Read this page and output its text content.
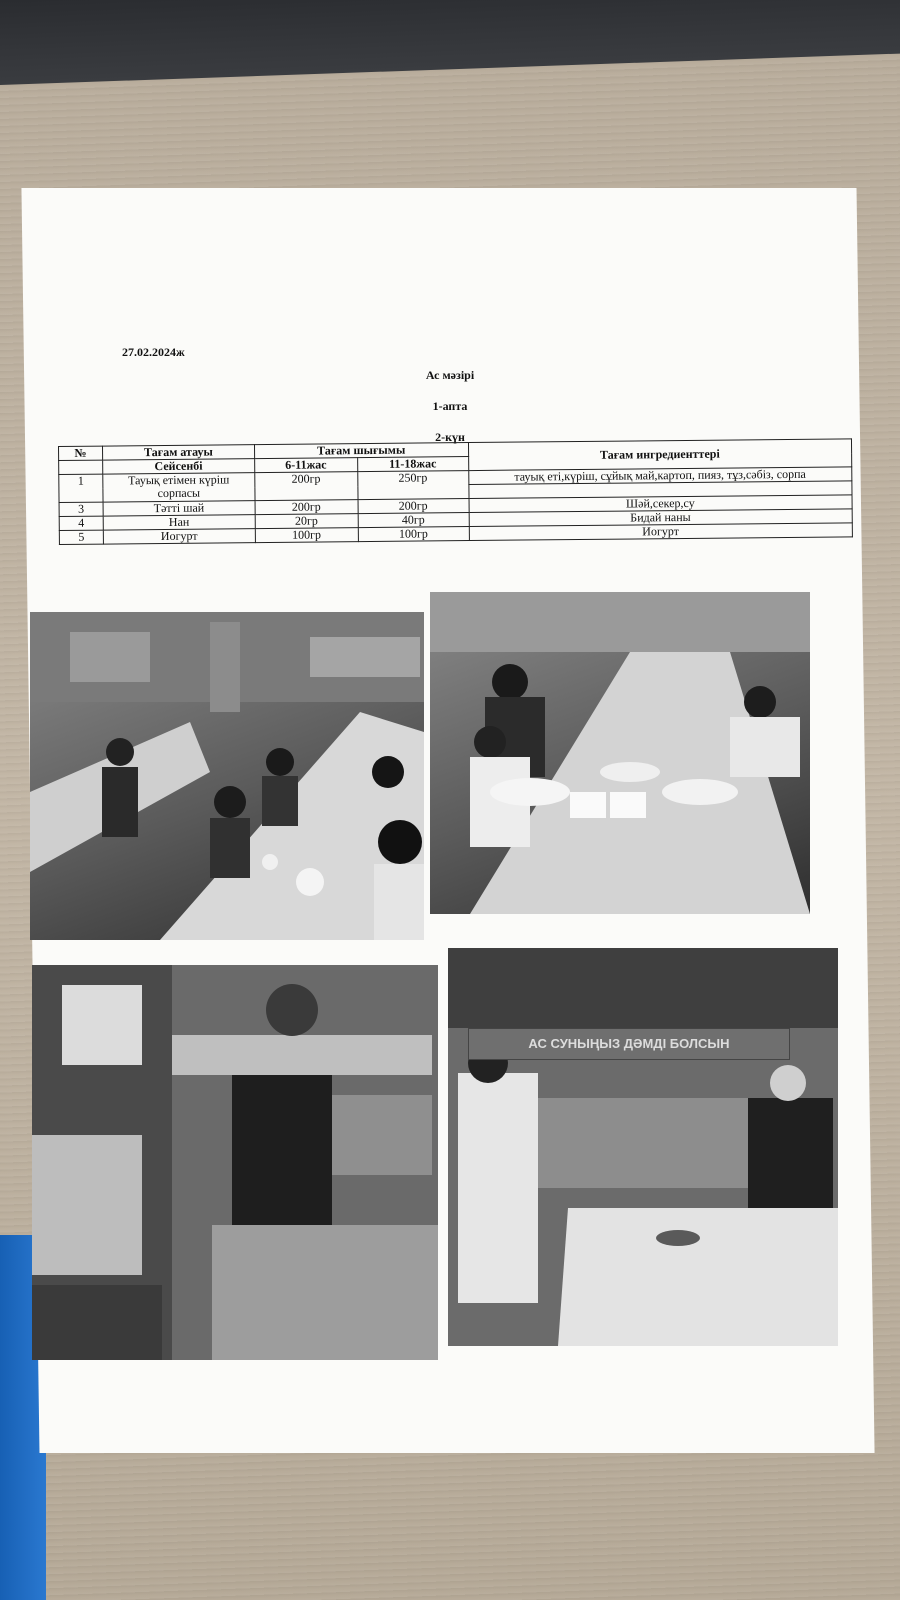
27.02.2024ж
Ас мәзірі
1-апта
2-күн
№	Тағам атауы	Тағам шығымы		Тағам ингредиенттері
	Сейсенбі	6-11жас	11-18жас	
1	Тауық етімен күріш сорпасы	200гр	250гр	тауық еті,күріш, сұйық май,картоп, пияз, тұз,сәбіз, сорпа

3	Тәтті шай	200гр	200гр	Шәй,секер,су
4	Нан	20гр	40гр	Бидай наны
5	Иогурт	100гр	100гр	Иогурт
АС СУНЫҢЫЗ ДӘМДІ БОЛСЫН
